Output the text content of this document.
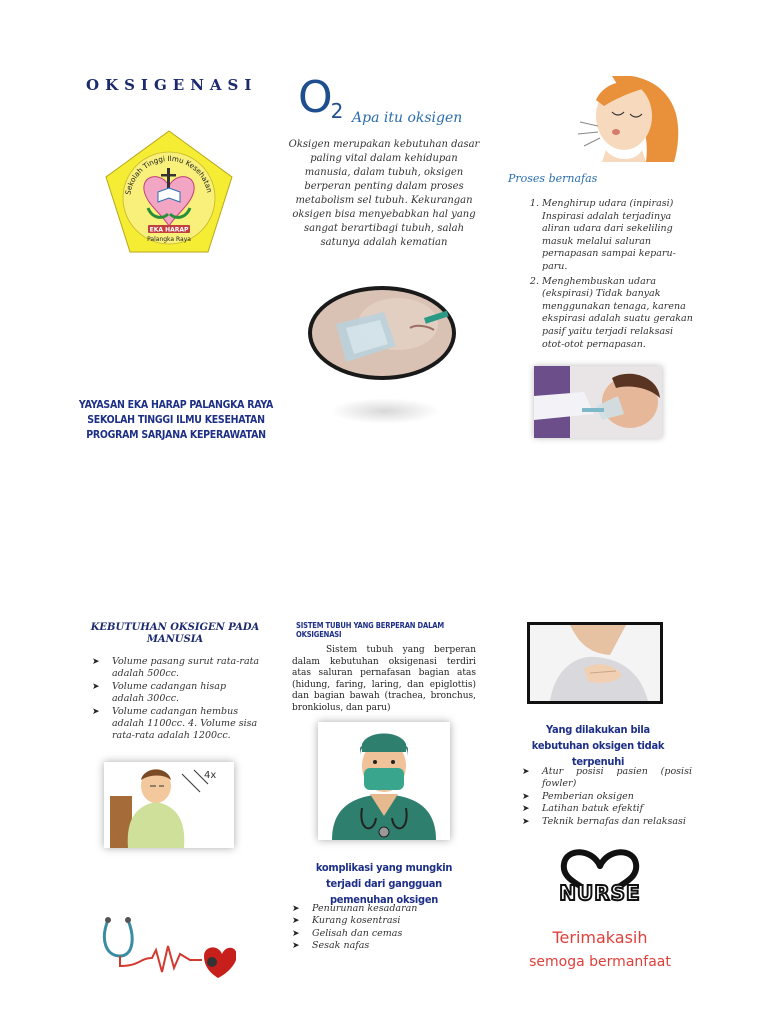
OKSIGENASI
Sekolah Tinggi Ilmu Kesehatan
EKA HARAP
Palangka Raya
YAYASAN EKA HARAP PALANGKA RAYA
SEKOLAH TINGGI ILMU KESEHATAN
PROGRAM SARJANA KEPERAWATAN
$O_2$ Apa itu oksigen
Oksigen merupakan kebutuhan dasar paling vital dalam kehidupan manusia, dalam tubuh, oksigen berperan penting dalam proses metabolism sel tubuh. Kekurangan oksigen bisa menyebabkan hal yang sangat berartibagi tubuh, salah satunya adalah kematian
Proses bernafas
1. Menghirup udara (inpirasi) Inspirasi adalah terjadinya aliran udara dari sekeliling masuk melalui saluran pernapasan sampai keparu-paru.
2. Menghembuskan udara (ekspirasi) Tidak banyak menggunakan tenaga, karena ekspirasi adalah suatu gerakan pasif yaitu terjadi relaksasi otot-otot pernapasan.
KEBUTUHAN OKSIGEN PADA MANUSIA
➤ Volume pasang surut rata-rata adalah 500cc.
➤ Volume cadangan hisap adalah 300cc.
➤ Volume cadangan hembus adalah 1100cc. 4. Volume sisa rata-rata adalah 1200cc.
4x
SISTEM TUBUH YANG BERPERAN DALAM OKSIGENASI
Sistem tubuh yang berperan dalam kebutuhan oksigenasi terdiri atas saluran pernafasan bagian atas (hidung, faring, laring, dan epiglottis) dan bagian bawah (trachea, bronchus, bronkiolus, dan paru)
komplikasi yang mungkin terjadi dari gangguan pemenuhan oksigen
➤ Penurunan kesadaran
➤ Kurang kosentrasi
➤ Gelisah dan cemas
➤ Sesak nafas
Yang dilakukan bila kebutuhan oksigen tidak terpenuhi
➤ Atur posisi pasien (posisi fowler)
➤ Pemberian oksigen
➤ Latihan batuk efektif
➤ Teknik bernafas dan relaksasi
NURSE
Terimakasih
semoga bermanfaat
